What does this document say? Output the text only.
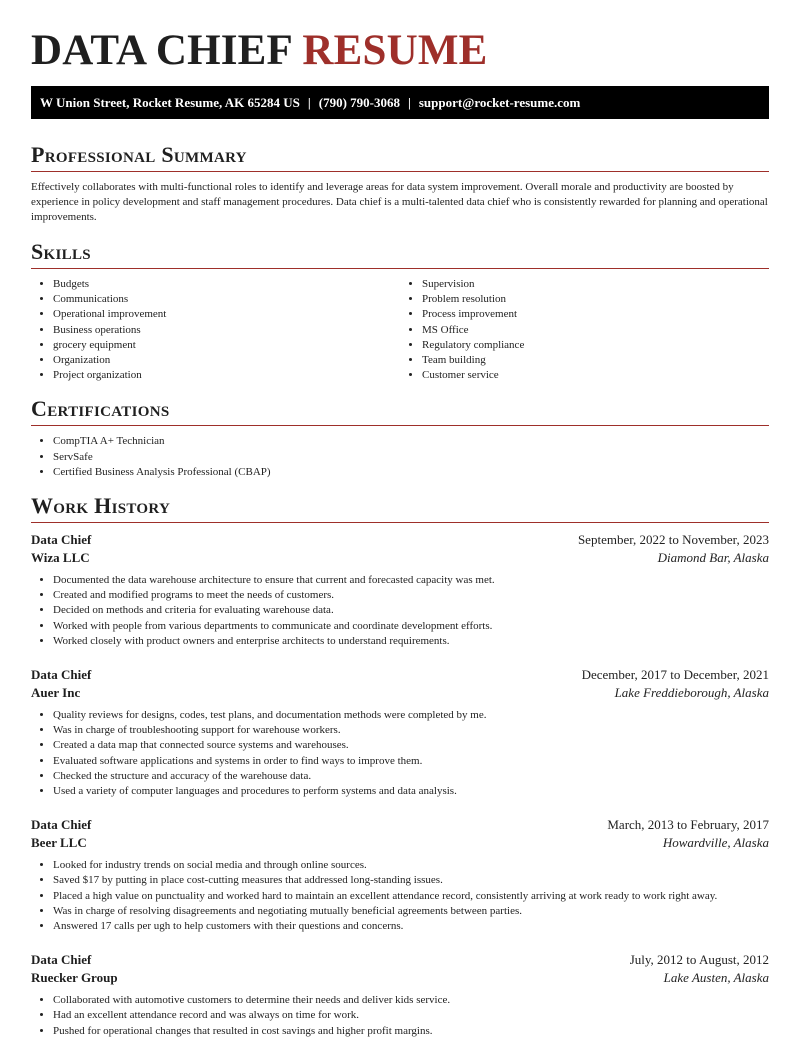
DATA CHIEF RESUME
W Union Street, Rocket Resume, AK 65284 US | (790) 790-3068 | support@rocket-resume.com
Professional Summary

Effectively collaborates with multi-functional roles to identify and leverage areas for data system improvement. Overall morale and productivity are boosted by experience in policy development and staff management procedures. Data chief is a multi-talented data chief who is consistently rewarded for planning and operational improvements.

Skills
• Budgets
• Communications
• Operational improvement
• Business operations
• grocery equipment
• Organization
• Project organization
• Supervision
• Problem resolution
• Process improvement
• MS Office
• Regulatory compliance
• Team building
• Customer service
Certifications
• CompTIA A+ Technician
• ServSafe
• Certified Business Analysis Professional (CBAP)
Work History
Data Chief	September, 2022 to November, 2023
Wiza LLC	Diamond Bar, Alaska
• Documented the data warehouse architecture to ensure that current and forecasted capacity was met.
• Created and modified programs to meet the needs of customers.
• Decided on methods and criteria for evaluating warehouse data.
• Worked with people from various departments to communicate and coordinate development efforts.
• Worked closely with product owners and enterprise architects to understand requirements.
Data Chief	December, 2017 to December, 2021
Auer Inc	Lake Freddieborough, Alaska
• Quality reviews for designs, codes, test plans, and documentation methods were completed by me.
• Was in charge of troubleshooting support for warehouse workers.
• Created a data map that connected source systems and warehouses.
• Evaluated software applications and systems in order to find ways to improve them.
• Checked the structure and accuracy of the warehouse data.
• Used a variety of computer languages and procedures to perform systems and data analysis.
Data Chief	March, 2013 to February, 2017
Beer LLC	Howardville, Alaska
• Looked for industry trends on social media and through online sources.
• Saved $17 by putting in place cost-cutting measures that addressed long-standing issues.
• Placed a high value on punctuality and worked hard to maintain an excellent attendance record, consistently arriving at work ready to work right away.
• Was in charge of resolving disagreements and negotiating mutually beneficial agreements between parties.
• Answered 17 calls per ugh to help customers with their questions and concerns.
Data Chief	July, 2012 to August, 2012
Ruecker Group	Lake Austen, Alaska
• Collaborated with automotive customers to determine their needs and deliver kids service.
• Had an excellent attendance record and was always on time for work.
• Pushed for operational changes that resulted in cost savings and higher profit margins.
